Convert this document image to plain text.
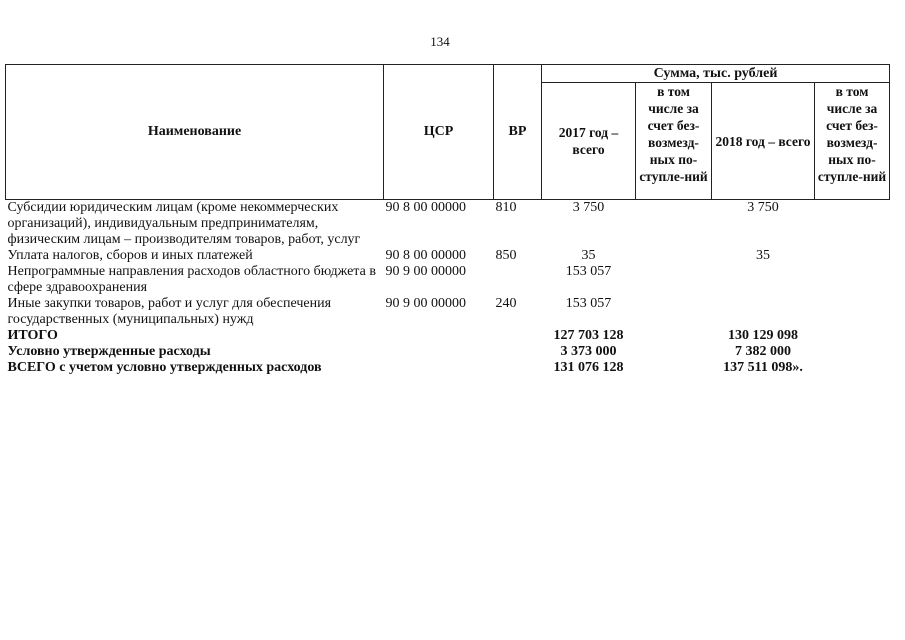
134
Наименование	ЦСР	ВР	Сумма, тыс. рублей			
			2017 год – всего	в том числе за счет без-возмезд-ных по-ступле-ний	2018 год – всего	в том числе за счет без-возмезд-ных по-ступле-ний
Субсидии юридическим лицам (кроме некоммерческих организаций), индивидуальным предпринимателям, физическим лицам – производителям товаров, работ, услуг	90 8 00 00000	810	3 750		3 750	
Уплата налогов, сборов и иных платежей	90 8 00 00000	850	35		35	
Непрограммные направления расходов областного бюджета в сфере здравоохранения	90 9 00 00000		153 057			
Иные закупки товаров, работ и услуг для обеспечения государственных (муниципальных) нужд	90 9 00 00000	240	153 057			
ИТОГО			127 703 128		130 129 098	
Условно утвержденные расходы			3 373 000		7 382 000	
ВСЕГО с учетом условно утвержденных расходов			131 076 128		137 511 098».	
